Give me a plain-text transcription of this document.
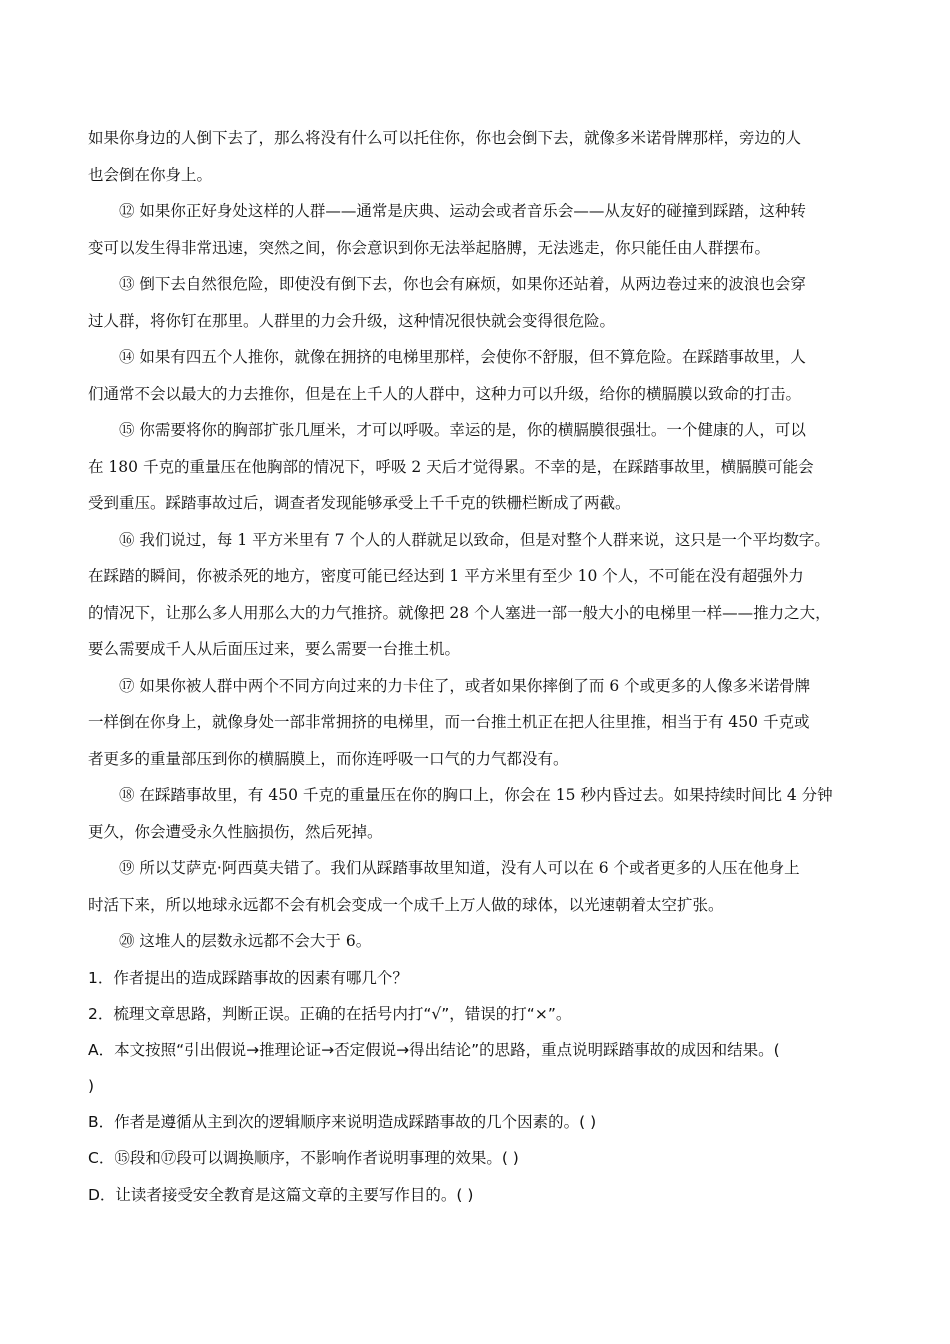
如果你身边的人倒下去了，那么将没有什么可以托住你，你也会倒下去，就像多米诺骨牌那样，旁边的人
也会倒在你身上。
⑫ 如果你正好身处这样的人群——通常是庆典、运动会或者音乐会——从友好的碰撞到踩踏，这种转
变可以发生得非常迅速，突然之间，你会意识到你无法举起胳膊，无法逃走，你只能任由人群摆布。
⑬ 倒下去自然很危险，即使没有倒下去，你也会有麻烦，如果你还站着，从两边卷过来的波浪也会穿
过人群，将你钉在那里。人群里的力会升级，这种情况很快就会变得很危险。
⑭ 如果有四五个人推你，就像在拥挤的电梯里那样，会使你不舒服，但不算危险。在踩踏事故里，人
们通常不会以最大的力去推你，但是在上千人的人群中，这种力可以升级，给你的横膈膜以致命的打击。
⑮ 你需要将你的胸部扩张几厘米，才可以呼吸。幸运的是，你的横膈膜很强壮。一个健康的人，可以
在 180 千克的重量压在他胸部的情况下，呼吸 2 天后才觉得累。不幸的是，在踩踏事故里，横膈膜可能会
受到重压。踩踏事故过后，调查者发现能够承受上千千克的铁栅栏断成了两截。
⑯ 我们说过，每 1 平方米里有 7 个人的人群就足以致命，但是对整个人群来说，这只是一个平均数字。
在踩踏的瞬间，你被杀死的地方，密度可能已经达到 1 平方米里有至少 10 个人，不可能在没有超强外力
的情况下，让那么多人用那么大的力气推挤。就像把 28 个人塞进一部一般大小的电梯里一样——推力之大，
要么需要成千人从后面压过来，要么需要一台推土机。
⑰ 如果你被人群中两个不同方向过来的力卡住了，或者如果你摔倒了而 6 个或更多的人像多米诺骨牌
一样倒在你身上，就像身处一部非常拥挤的电梯里，而一台推土机正在把人往里推，相当于有 450 千克或
者更多的重量部压到你的横膈膜上，而你连呼吸一口气的力气都没有。
⑱ 在踩踏事故里，有 450 千克的重量压在你的胸口上，你会在 15 秒内昏过去。如果持续时间比 4 分钟
更久，你会遭受永久性脑损伤，然后死掉。
⑲ 所以艾萨克·阿西莫夫错了。我们从踩踏事故里知道，没有人可以在 6 个或者更多的人压在他身上
时活下来，所以地球永远都不会有机会变成一个成千上万人做的球体，以光速朝着太空扩张。
⑳ 这堆人的层数永远都不会大于 6。
1．作者提出的造成踩踏事故的因素有哪几个？
2．梳理文章思路，判断正误。正确的在括号内打“√”，错误的打“×”。
A．本文按照“引出假说→推理论证→否定假说→得出结论”的思路，重点说明踩踏事故的成因和结果。(
)
B．作者是遵循从主到次的逻辑顺序来说明造成踩踏事故的几个因素的。( )
C．⑮段和⑰段可以调换顺序，不影响作者说明事理的效果。( )
D．让读者接受安全教育是这篇文章的主要写作目的。( )
